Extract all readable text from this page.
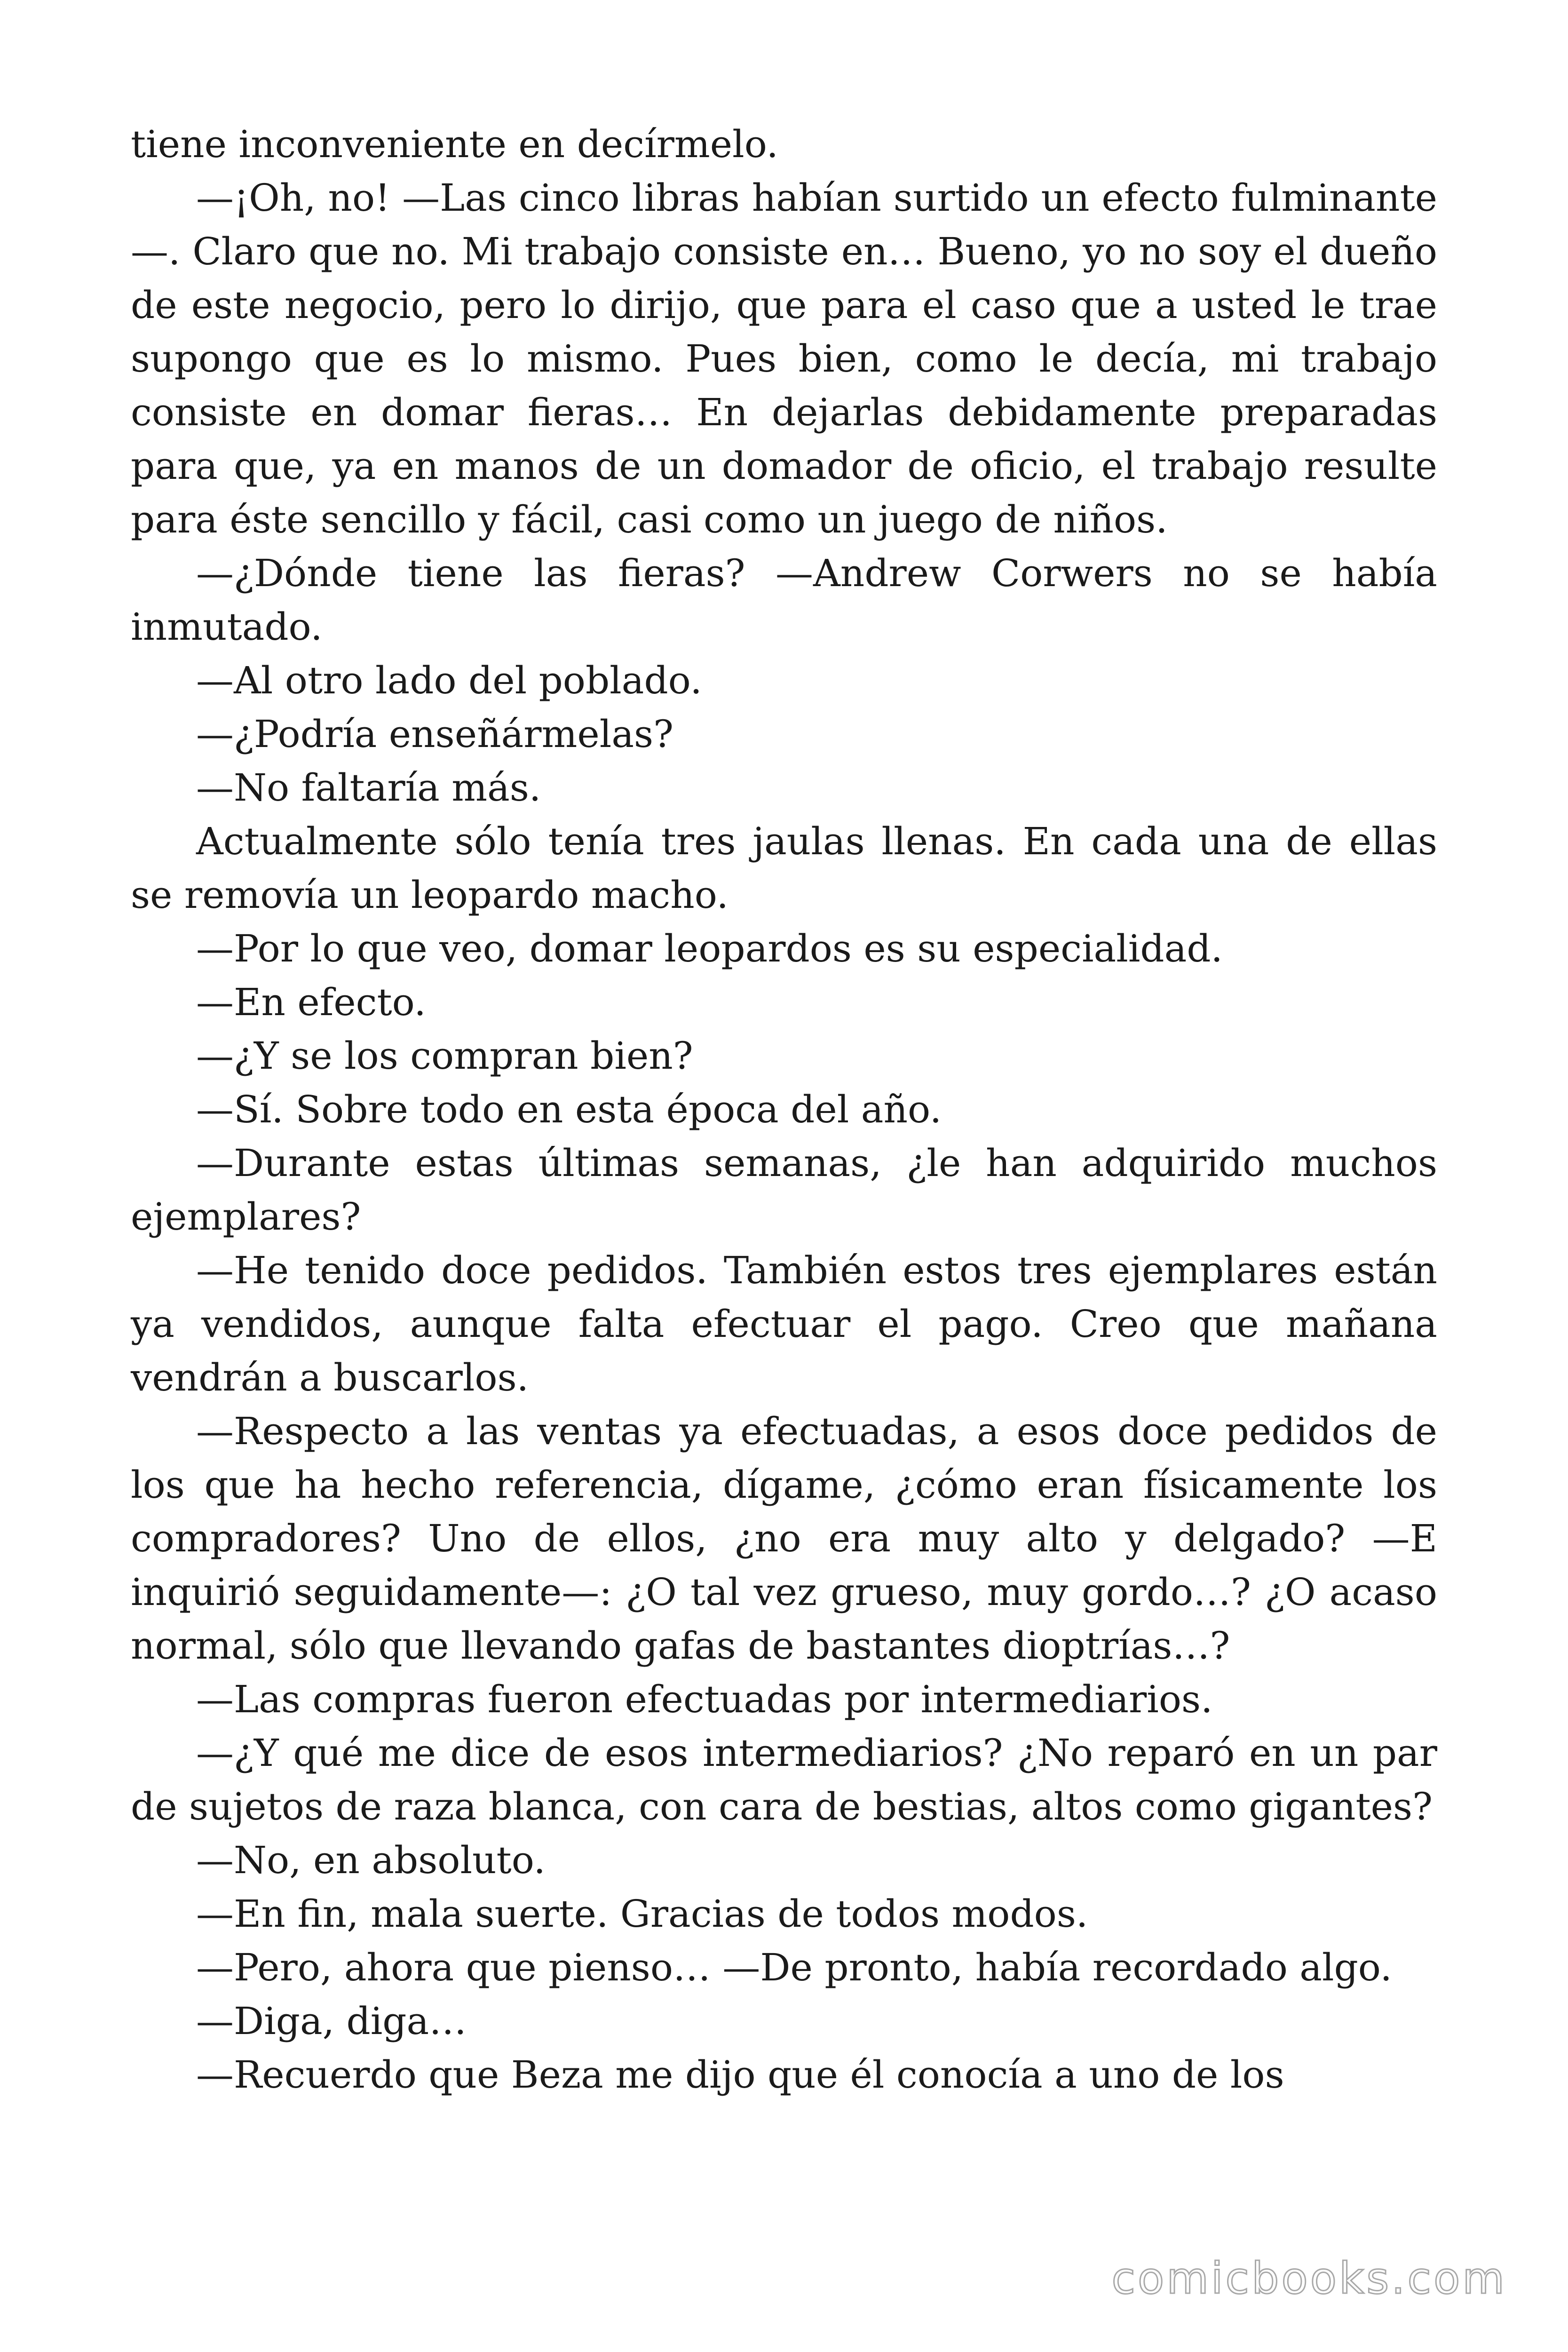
tiene inconveniente en decírmelo.

—¡Oh, no! —Las cinco libras habían surtido un efecto fulminante—. Claro que no. Mi trabajo consiste en… Bueno, yo no soy el dueño de este negocio, pero lo dirijo, que para el caso que a usted le trae supongo que es lo mismo. Pues bien, como le decía, mi trabajo consiste en domar fieras… En dejarlas debidamente preparadas para que, ya en manos de un domador de oficio, el trabajo resulte para éste sencillo y fácil, casi como un juego de niños.

—¿Dónde tiene las fieras? —Andrew Corwers no se había inmutado.

—Al otro lado del poblado.

—¿Podría enseñármelas?

—No faltaría más.

Actualmente sólo tenía tres jaulas llenas. En cada una de ellas se removía un leopardo macho.

—Por lo que veo, domar leopardos es su especialidad.

—En efecto.

—¿Y se los compran bien?

—Sí. Sobre todo en esta época del año.

—Durante estas últimas semanas, ¿le han adquirido muchos ejemplares?

—He tenido doce pedidos. También estos tres ejemplares están ya vendidos, aunque falta efectuar el pago. Creo que mañana vendrán a buscarlos.

—Respecto a las ventas ya efectuadas, a esos doce pedidos de los que ha hecho referencia, dígame, ¿cómo eran físicamente los compradores? Uno de ellos, ¿no era muy alto y delgado? —E inquirió seguidamente—: ¿O tal vez grueso, muy gordo…? ¿O acaso normal, sólo que llevando gafas de bastantes dioptrías…?

—Las compras fueron efectuadas por intermediarios.

—¿Y qué me dice de esos intermediarios? ¿No reparó en un par de sujetos de raza blanca, con cara de bestias, altos como gigantes?

—No, en absoluto.

—En fin, mala suerte. Gracias de todos modos.

—Pero, ahora que pienso… —De pronto, había recordado algo.

—Diga, diga…

—Recuerdo que Beza me dijo que él conocía a uno de los

comicbooks.com
